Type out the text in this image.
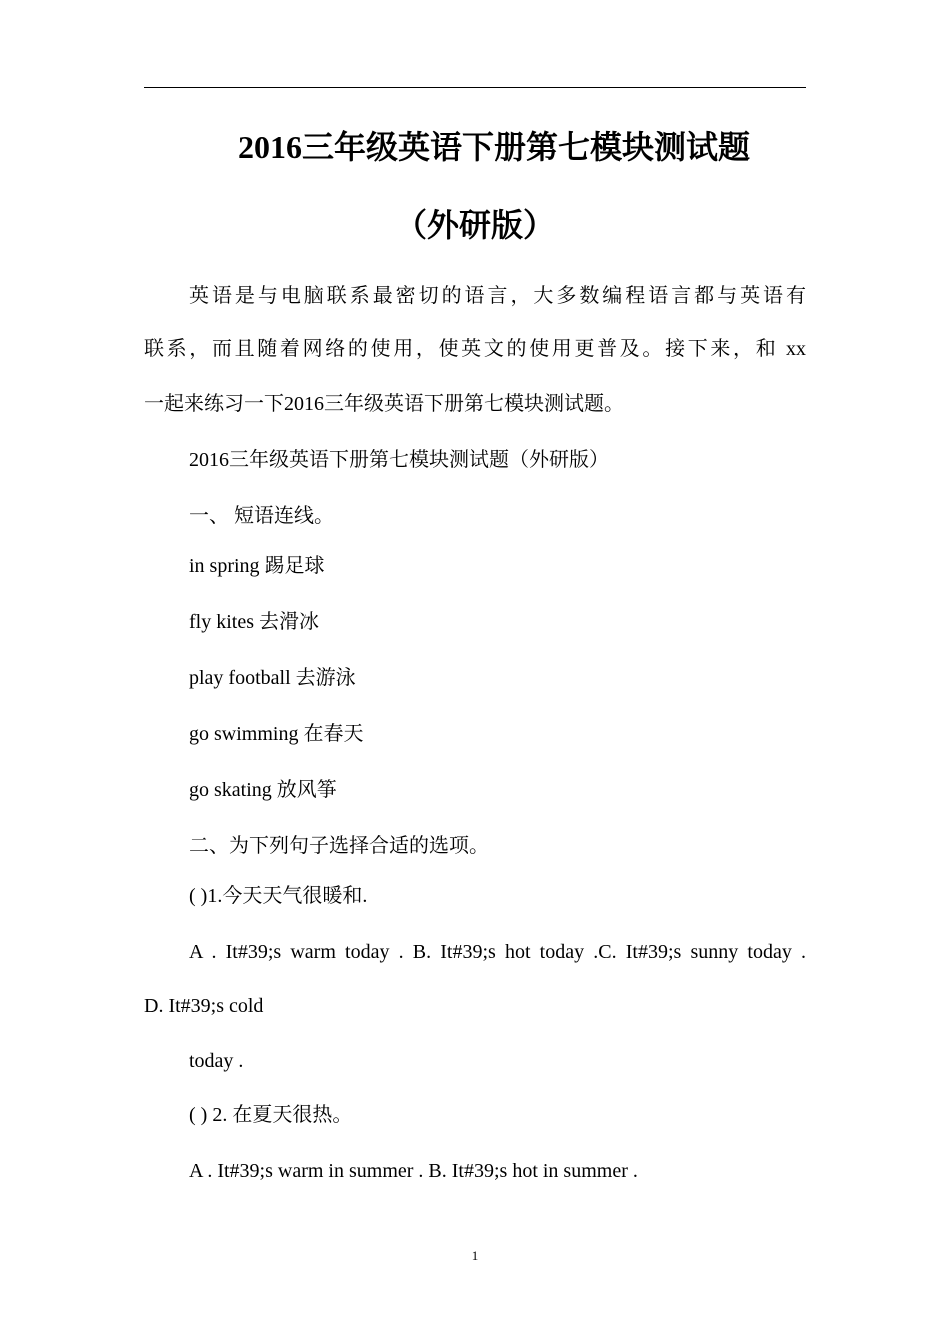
2016三年级英语下册第七模块测试题
（外研版）
英语是与电脑联系最密切的语言，大多数编程语言都与英语有
联系，而且随着网络的使用，使英文的使用更普及。接下来，和 xx
一起来练习一下2016三年级英语下册第七模块测试题。
2016三年级英语下册第七模块测试题（外研版）
一、 短语连线。
in spring 踢足球
fly kites 去滑冰
play football 去游泳
go swimming 在春天
go skating 放风筝
二、为下列句子选择合适的选项。
( )1.今天天气很暖和.
A . It#39;s warm today . B. It#39;s hot today .C. It#39;s sunny today .
D. It#39;s cold
today .
( ) 2. 在夏天很热。
A . It#39;s warm in summer . B. It#39;s hot in summer .
1
